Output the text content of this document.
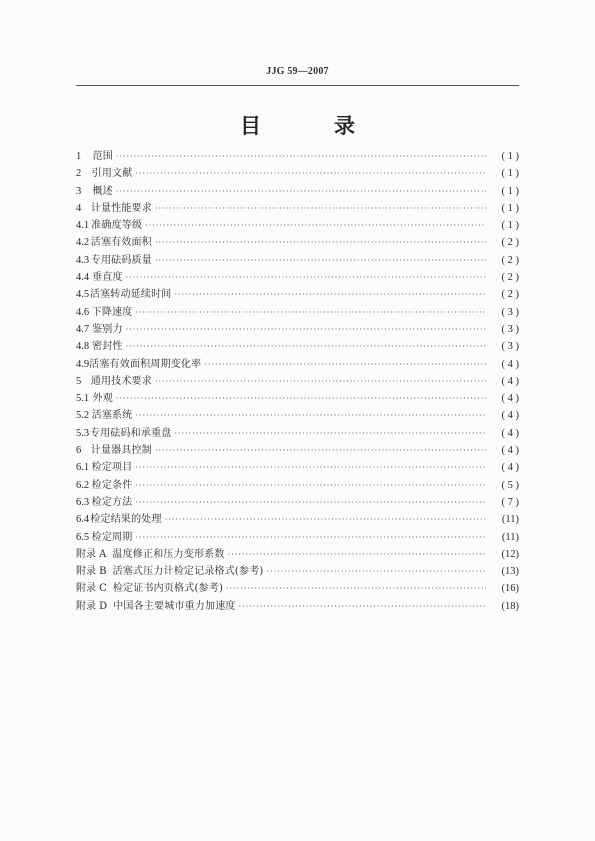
JJG 59—2007
目　录
1	范围 ·····	( 1 )
2	引用文献 ·····	( 1 )
3	概述 ·····	( 1 )
4 计量性能要求 ·····	( 1 )
4.1 准确度等级 ·····	( 1 )
4.2 活塞有效面积 ·····	( 2 )
4.3 专用砝码质量 ·····	( 2 )
4.4 垂直度 ·····	( 2 )
4.5 活塞转动延续时间 ·····	( 2 )
4.6 下降速度 ·····	( 3 )
4.7 鉴别力 ·····	( 3 )
4.8 密封性 ·····	( 3 )
4.9 活塞有效面积周期变化率 ·····	( 4 )
5 通用技术要求 ·····	( 4 )
5.1 外观 ·····	( 4 )
5.2 活塞系统 ·····	( 4 )
5.3 专用砝码和承重盘 ·····	( 4 )
6 计量器具控制 ·····	( 4 )
6.1 检定项目 ·····	( 4 )
6.2 检定条件 ·····	( 5 )
6.3 检定方法 ·····	( 7 )
6.4 检定结果的处理 ·····	(11)
6.5 检定周期 ·····	(11)
附录 A 温度修正和压力变形系数 ·····	(12)
附录 B 活塞式压力计检定记录格式(参考) ·····	(13)
附录 C 检定证书内页格式(参考) ·····	(16)
附录 D 中国各主要城市重力加速度 ·····	(18)
